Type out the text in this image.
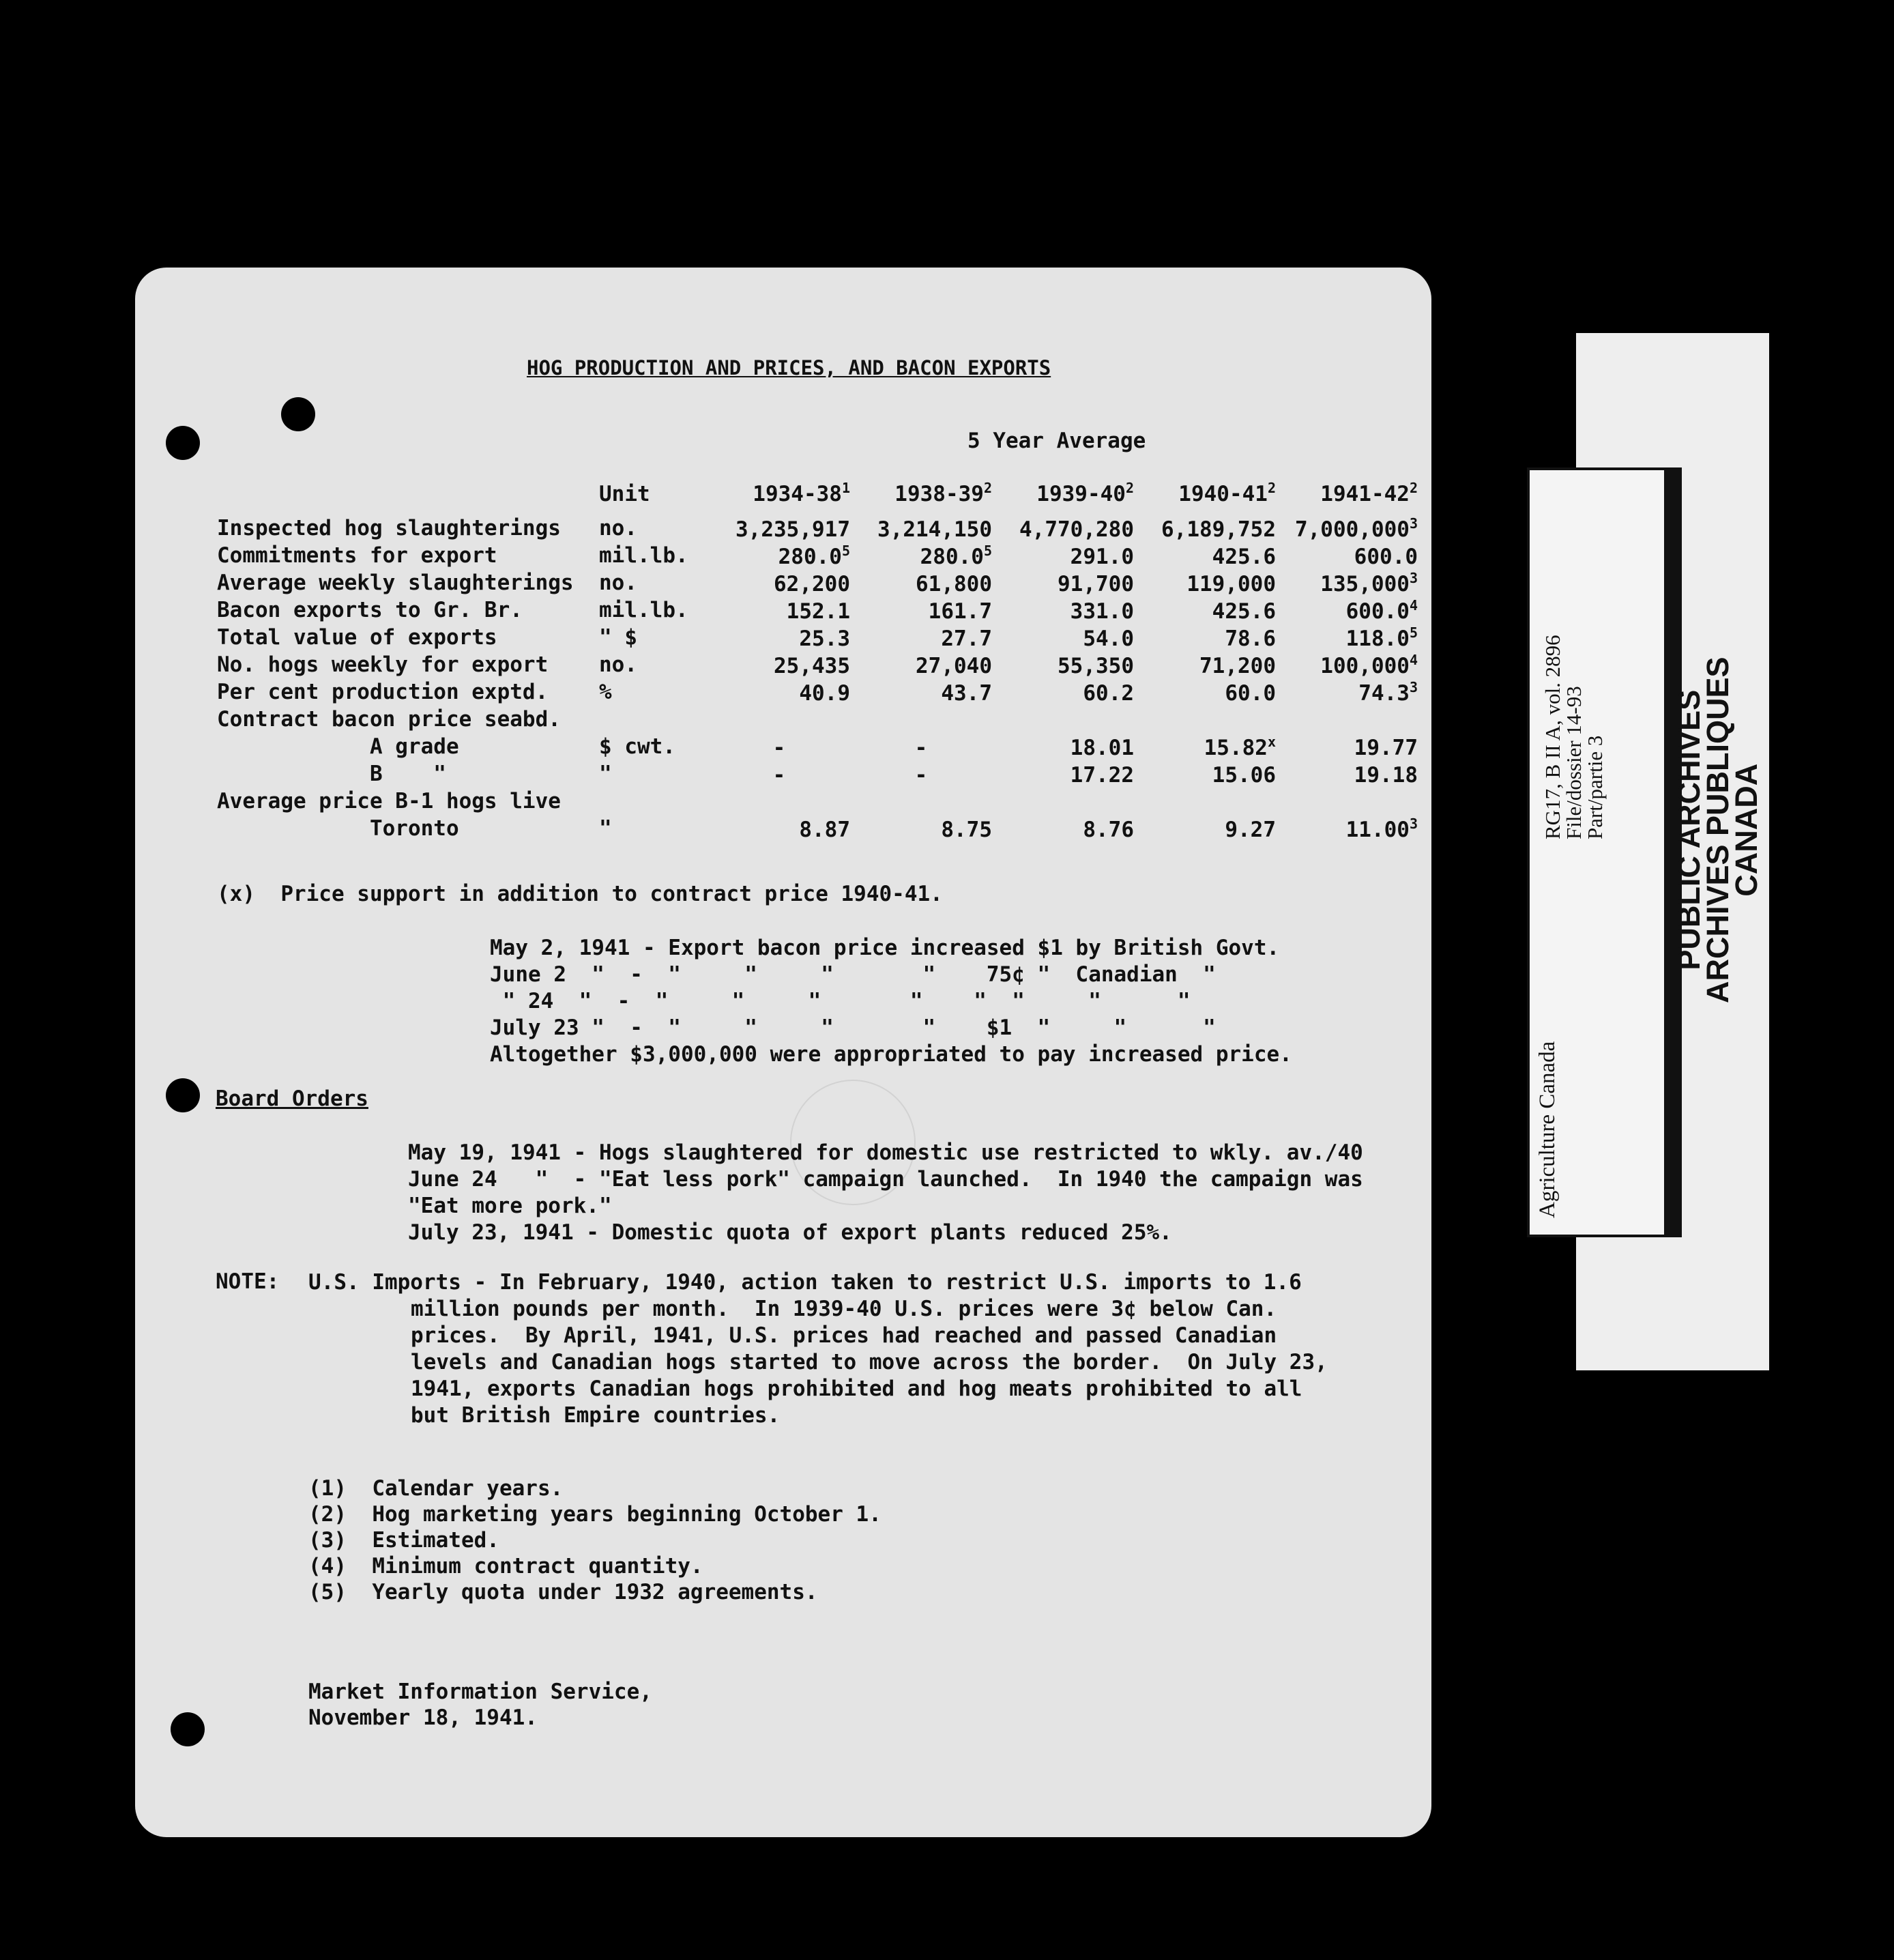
HOG PRODUCTION AND PRICES, AND BACON EXPORTS
5 Year Average
	Unit	$1934-38^1$	$1938-39^2$	$1939-40^2$	$1940-41^2$	$1941-42^2$
Inspected hog slaughterings	no.	3,235,917	3,214,150	4,770,280	6,189,752	7,000,000$^3$
Commitments for export	mil.lb.	280.0$^5$	280.0$^5$	291.0	425.6	600.0
Average weekly slaughterings	no.	62,200	61,800	91,700	119,000	135,000$^3$
Bacon exports to Gr. Br.	mil.lb.	152.1	161.7	331.0	425.6	600.0$^4$
Total value of exports	" $	25.3	27.7	54.0	78.6	118.0$^5$
No. hogs weekly for export	no.	25,435	27,040	55,350	71,200	100,000$^4$
Per cent production exptd.	%	40.9	43.7	60.2	60.0	74.3$^3$
Contract bacon price seabd.						
A grade	$ cwt.	-	-	18.01	15.82$^x$	19.77
B    "	"	-	-	17.22	15.06	19.18
Average price B-1 hogs live						
Toronto	"	8.87	8.75	8.76	9.27	11.00$^3$
(x)  Price support in addition to contract price 1940-41.
May 2, 1941 - Export bacon price increased $1 by British Govt.
June 2  "  -  "     "     "       "    75¢ "  Canadian  "
" 24  "  -  "     "     "       "    "  "     "      "
July 23 "  -  "     "     "       "    $1  "     "      "
Altogether $3,000,000 were appropriated to pay increased price.
Board Orders
May 19, 1941 - Hogs slaughtered for domestic use restricted to wkly. av./40
June 24   "  - "Eat less pork" campaign launched.  In 1940 the campaign was
"Eat more pork."
July 23, 1941 - Domestic quota of export plants reduced 25%.
NOTE: U.S. Imports - In February, 1940, action taken to restrict U.S. imports to 1.6
million pounds per month.  In 1939-40 U.S. prices were 3¢ below Can.
prices.  By April, 1941, U.S. prices had reached and passed Canadian
levels and Canadian hogs started to move across the border.  On July 23,
1941, exports Canadian hogs prohibited and hog meats prohibited to all
but British Empire countries.
(1)  Calendar years.
(2)  Hog marketing years beginning October 1.
(3)  Estimated.
(4)  Minimum contract quantity.
(5)  Yearly quota under 1932 agreements.
Market Information Service,
November 18, 1941.
Agriculture Canada
RG17, B II A, vol. 2896
File/dossier 14-93
Part/partie 3 PUBLIC ARCHIVES
ARCHIVES PUBLIQUES
CANADA
